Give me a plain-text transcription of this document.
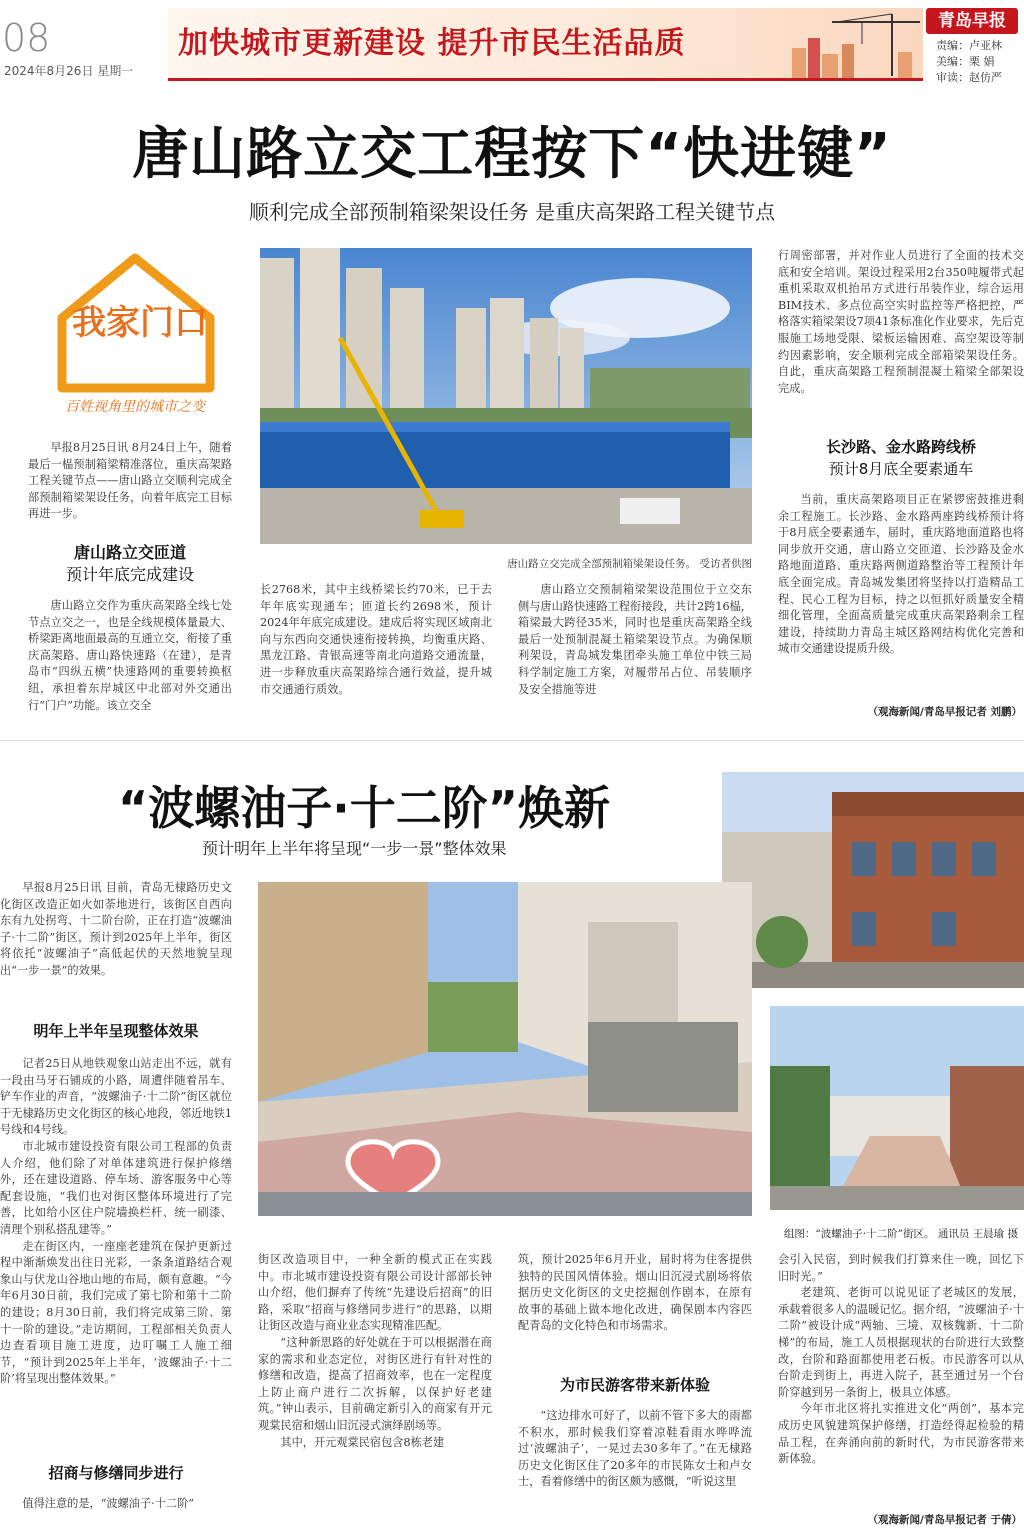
08
2024年8月26日 星期一
加快城市更新建设 提升市民生活品质
青岛早报
责编：卢亚林
美编：栗 娟
审读：赵仿严
唐山路立交工程按下“快进键”
顺利完成全部预制箱梁架设任务 是重庆高架路工程关键节点
我家门口
百姓视角里的城市之变

早报8月25日讯 8月24日上午，随着最后一榀预制箱梁精准落位，重庆高架路工程关键节点——唐山路立交顺利完成全部预制箱梁架设任务，向着年底完工目标再进一步。

唐山路立交匝道
预计年底完成建设

唐山路立交作为重庆高架路全线七处节点立交之一，也是全线规模体量最大、桥梁距离地面最高的互通立交，衔接了重庆高架路、唐山路快速路（在建），是青岛市“四纵五横”快速路网的重要转换枢纽，承担着东岸城区中北部对外交通出行“门户”功能。该立交全

唐山路立交完成全部预制箱梁架设任务。 受访者供图

长2768米，其中主线桥梁长约70米，已于去年年底实现通车；匝道长约2698米，预计2024年年底完成建设。建成后将实现区域南北向与东西向交通快速衔接转换，均衡重庆路、黑龙江路、青银高速等南北向道路交通流量，进一步释放重庆高架路综合通行效益，提升城市交通通行质效。

唐山路立交预制箱梁架设范围位于立交东侧与唐山路快速路工程衔接段，共计2跨16榀，箱梁最大跨径35米，同时也是重庆高架路全线最后一处预制混凝土箱梁架设节点。为确保顺利架设，青岛城发集团牵头施工单位中铁三局科学制定施工方案，对履带吊占位、吊装顺序及安全措施等进

行周密部署，并对作业人员进行了全面的技术交底和安全培训。架设过程采用2台350吨履带式起重机采取双机抬吊方式进行吊装作业，综合运用BIM技术、多点位高空实时监控等严格把控，严格落实箱梁架设7项41条标准化作业要求，先后克服施工场地受限、梁板运输困难、高空架设等制约因素影响，安全顺利完成全部箱梁架设任务。自此，重庆高架路工程预制混凝土箱梁全部架设完成。

长沙路、金水路跨线桥
预计8月底全要素通车

当前，重庆高架路项目正在紧锣密鼓推进剩余工程施工。长沙路、金水路两座跨线桥预计将于8月底全要素通车，届时，重庆路地面道路也将同步放开交通，唐山路立交匝道、长沙路及金水路地面道路、重庆路两侧道路整治等工程预计年底全面完成。青岛城发集团将坚持以打造精品工程、民心工程为目标，持之以恒抓好质量安全精细化管理，全面高质量完成重庆高架路剩余工程建设，持续助力青岛主城区路网结构优化完善和城市交通建设提质升级。

（观海新闻/青岛早报记者 刘鹏）
“波螺油子·十二阶”焕新
预计明年上半年将呈现“一步一景”整体效果

早报8月25日讯 目前，青岛无棣路历史文化街区改造正如火如荼地进行，该街区自西向东有九处拐弯、十二阶台阶，正在打造“波螺油子·十二阶”街区，预计到2025年上半年，街区将依托“波螺油子”高低起伏的天然地貌呈现出“一步一景”的效果。

明年上半年呈现整体效果

记者25日从地铁观象山站走出不远，就有一段由马牙石铺成的小路，周遭伴随着吊车、铲车作业的声音，“波螺油子·十二阶”街区就位于无棣路历史文化街区的核心地段，邻近地铁1号线和4号线。

市北城市建设投资有限公司工程部的负责人介绍，他们除了对单体建筑进行保护修缮外，还在建设道路、停车场、游客服务中心等配套设施，“我们也对街区整体环境进行了完善，比如给小区住户院墙换栏杆、统一刷漆、清理个别私搭乱建等。”

走在街区内，一座座老建筑在保护更新过程中渐渐焕发出往日光彩，一条条道路结合观象山与伏龙山谷地山地的布局，颇有意趣。“今年6月30日前，我们完成了第七阶和第十二阶的建设；8月30日前，我们将完成第三阶、第十一阶的建设。”走访期间，工程部相关负责人边查看项目施工进度，边叮嘱工人施工细节，“预计到2025年上半年，‘波螺油子·十二阶’将呈现出整体效果。”

招商与修缮同步进行

值得注意的是，“波螺油子·十二阶”

组图：“波螺油子·十二阶”街区。 通讯员 王晨瑜 摄

街区改造项目中，一种全新的模式正在实践中。市北城市建设投资有限公司设计部部长钟山介绍，他们摒弃了传统“先建设后招商”的旧路，采取“招商与修缮同步进行”的思路，以期让街区改造与商业业态实现精准匹配。

“这种新思路的好处就在于可以根据潜在商家的需求和业态定位，对街区进行有针对性的修缮和改造，提高了招商效率，也在一定程度上防止商户进行二次拆解，以保护好老建筑。”钟山表示，目前确定新引入的商家有开元观棠民宿和烟山旧沉浸式演绎剧场等。

其中，开元观棠民宿包含8栋老建

筑，预计2025年6月开业，届时将为住客提供独特的民国风情体验。烟山旧沉浸式剧场将依据历史文化街区的文史挖掘创作剧本，在原有故事的基础上做本地化改进，确保剧本内容匹配青岛的文化特色和市场需求。

为市民游客带来新体验

“这边排水可好了，以前不管下多大的雨都不积水，那时候我们穿着凉鞋看雨水哗哗流过‘波螺油子’，一晃过去30多年了。”在无棣路历史文化街区住了20多年的市民陈女士和卢女士，看着修缮中的街区颇为感慨，“听说这里

会引入民宿，到时候我们打算来住一晚，回忆下旧时光。”

老建筑、老街可以说见证了老城区的发展，承载着很多人的温暖记忆。据介绍，“波螺油子·十二阶”被设计成“两轴、三境、双核魏新、十二阶梯”的布局，施工人员根据现状的台阶进行大致整改，台阶和路面都使用老石板。市民游客可以从台阶走到街上，再进入院子，甚至通过另一个台阶穿越到另一条街上，极具立体感。

今年市北区将扎实推进文化“两创”，基本完成历史风貌建筑保护修缮，打造经得起检验的精品工程，在奔涌向前的新时代，为市民游客带来新体验。

（观海新闻/青岛早报记者 于倩）
